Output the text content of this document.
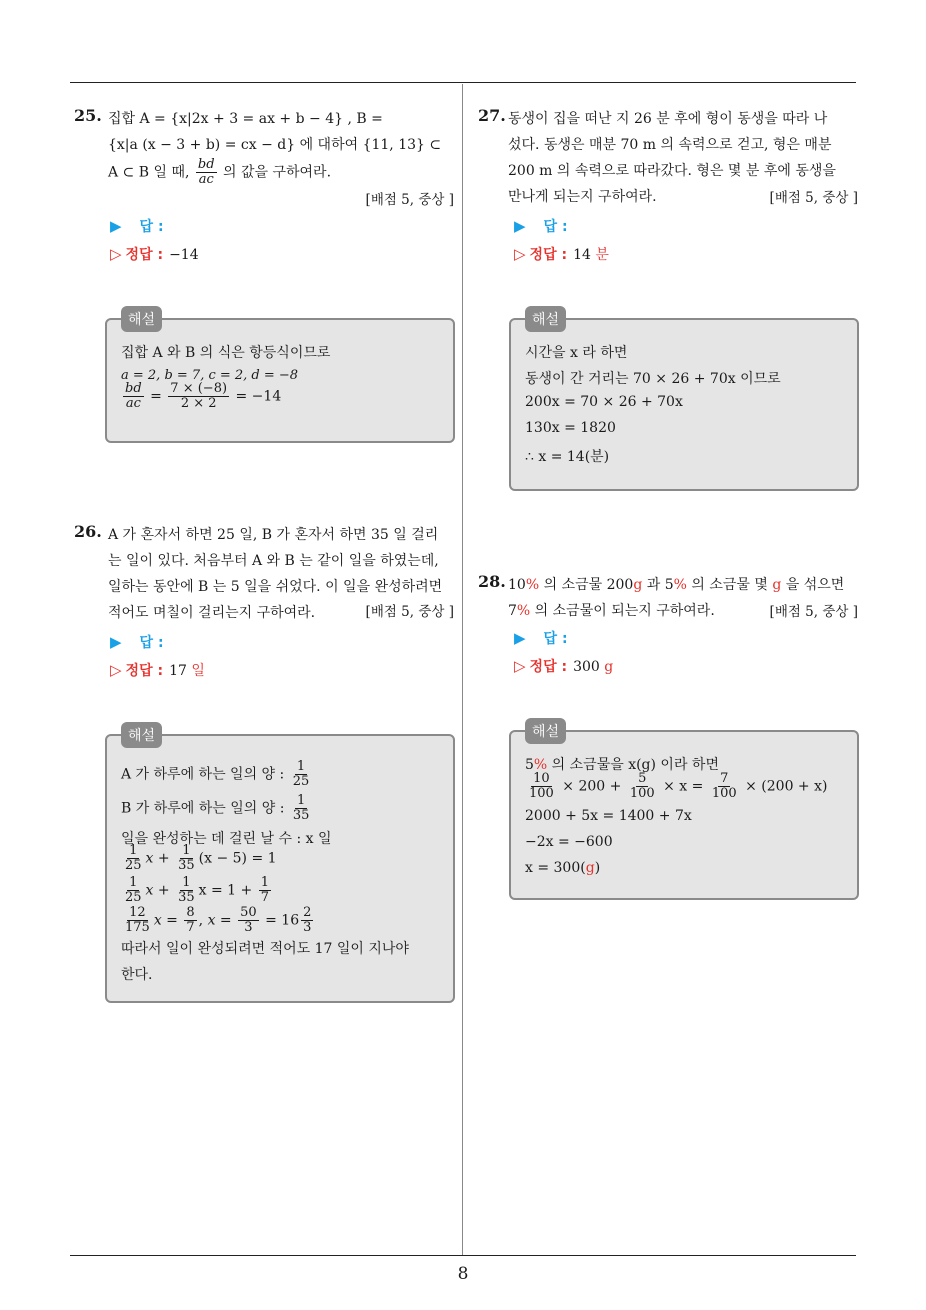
8
25. 집합 A = {x|2x + 3 = ax + b − 4} , B =
{x|a (x − 3 + b) = cx − d} 에 대하여 {11, 13} ⊂
A ⊂ B 일 때, $\frac{bd}{ac}$ 의 값을 구하여라.
[배점 5, 중상 ]
▶ 답 :
▷ 정답 : −14
해설
집합 A 와 B 의 식은 항등식이므로
a = 2, b = 7, c = 2, d = −8
$\frac{bd}{ac} = \frac{7 \times (-8)}{2 \times 2} = -14$
26. A 가 혼자서 하면 25 일, B 가 혼자서 하면 35 일 걸리
는 일이 있다. 처음부터 A 와 B 는 같이 일을 하였는데,
일하는 동안에 B 는 5 일을 쉬었다. 이 일을 완성하려면
적어도 며칠이 걸리는지 구하여라.	[배점 5, 중상 ]
▶ 답 :
▷ 정답 : 17 일
해설
A 가 하루에 하는 일의 양 : $\frac{1}{25}$
B 가 하루에 하는 일의 양 : $\frac{1}{35}$
일을 완성하는 데 걸린 날 수 : x 일
$\frac{1}{25}$ $x + \frac{1}{35} (x - 5) = 1$
$\frac{1}{25}$ $x + \frac{1}{35}$ $x = 1 + \frac{1}{7}$
$\frac{12}{175}$ $x = \frac{8}{7}$ , $x = \frac{50}{3} = 16 \frac{2}{3}$
따라서 일이 완성되려면 적어도 17 일이 지나야
한다.
27. 동생이 집을 떠난 지 26 분 후에 형이 동생을 따라 나
섰다. 동생은 매분 70 m 의 속력으로 걷고, 형은 매분
200 m 의 속력으로 따라갔다. 형은 몇 분 후에 동생을
만나게 되는지 구하여라.	[배점 5, 중상 ]
▶ 답 :
▷ 정답 : 14 분
해설
시간을 x 라 하면
동생이 간 거리는 70 × 26 + 70x 이므로
200x = 70 × 26 + 70x
130x = 1820
∴ x = 14(분)
28. 10% 의 소금물 200g 과 5% 의 소금물 몇 g 을 섞으면
7% 의 소금물이 되는지 구하여라.	[배점 5, 중상 ]
▶ 답 :
▷ 정답 : 300 g
해설
5% 의 소금물을 x(g) 이라 하면
$\frac{10}{100} \times 200 + \frac{5}{100} \times x = \frac{7}{100} \times (200 + x)$
2000 + 5x = 1400 + 7x
−2x = −600
x = 300(g)
